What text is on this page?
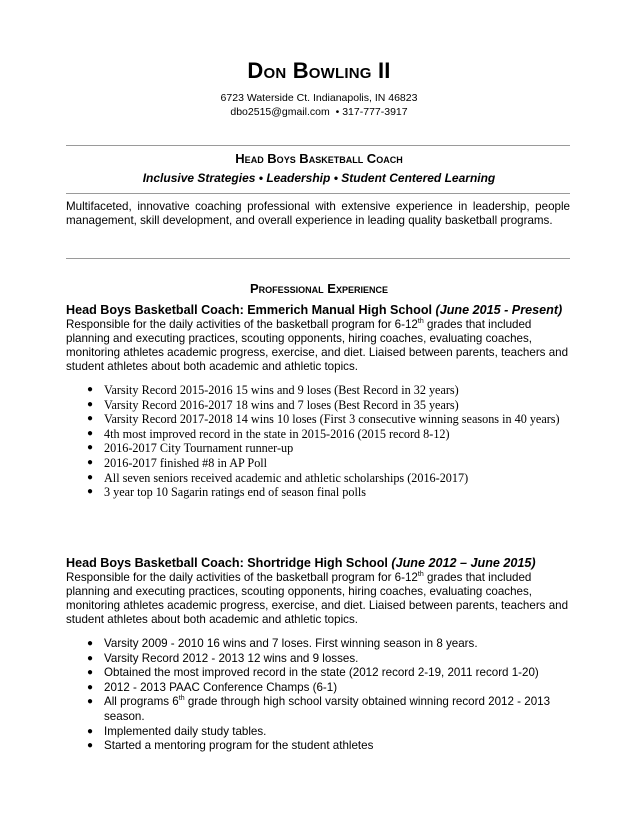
Don Bowling II
6723 Waterside Ct. Indianapolis, IN 46823
dbo2515@gmail.com • 317-777-3917
Head Boys Basketball Coach
Inclusive Strategies • Leadership • Student Centered Learning
Multifaceted, innovative coaching professional with extensive experience in leadership, people management, skill development, and overall experience in leading quality basketball programs.
Professional Experience
Head Boys Basketball Coach: Emmerich Manual High School (June 2015 - Present)
Responsible for the daily activities of the basketball program for 6-12th grades that included planning and executing practices, scouting opponents, hiring coaches, evaluating coaches, monitoring athletes academic progress, exercise, and diet. Liaised between parents, teachers and student athletes about both academic and athletic topics.
● Varsity Record 2015-2016 15 wins and 9 loses (Best Record in 32 years)
● Varsity Record 2016-2017 18 wins and 7 loses (Best Record in 35 years)
● Varsity Record 2017-2018 14 wins 10 loses (First 3 consecutive winning seasons in 40 years)
● 4th most improved record in the state in 2015-2016 (2015 record 8-12)
● 2016-2017 City Tournament runner-up
● 2016-2017 finished #8 in AP Poll
● All seven seniors received academic and athletic scholarships (2016-2017)
● 3 year top 10 Sagarin ratings end of season final polls
Head Boys Basketball Coach: Shortridge High School (June 2012 – June 2015)
Responsible for the daily activities of the basketball program for 6-12th grades that included planning and executing practices, scouting opponents, hiring coaches, evaluating coaches, monitoring athletes academic progress, exercise, and diet. Liaised between parents, teachers and student athletes about both academic and athletic topics.
● Varsity 2009 - 2010 16 wins and 7 loses. First winning season in 8 years.
● Varsity Record 2012 - 2013 12 wins and 9 losses.
● Obtained the most improved record in the state (2012 record 2-19, 2011 record 1-20)
● 2012 - 2013 PAAC Conference Champs (6-1)
● All programs 6th grade through high school varsity obtained winning record 2012 - 2013 season.
● Implemented daily study tables.
● Started a mentoring program for the student athletes
